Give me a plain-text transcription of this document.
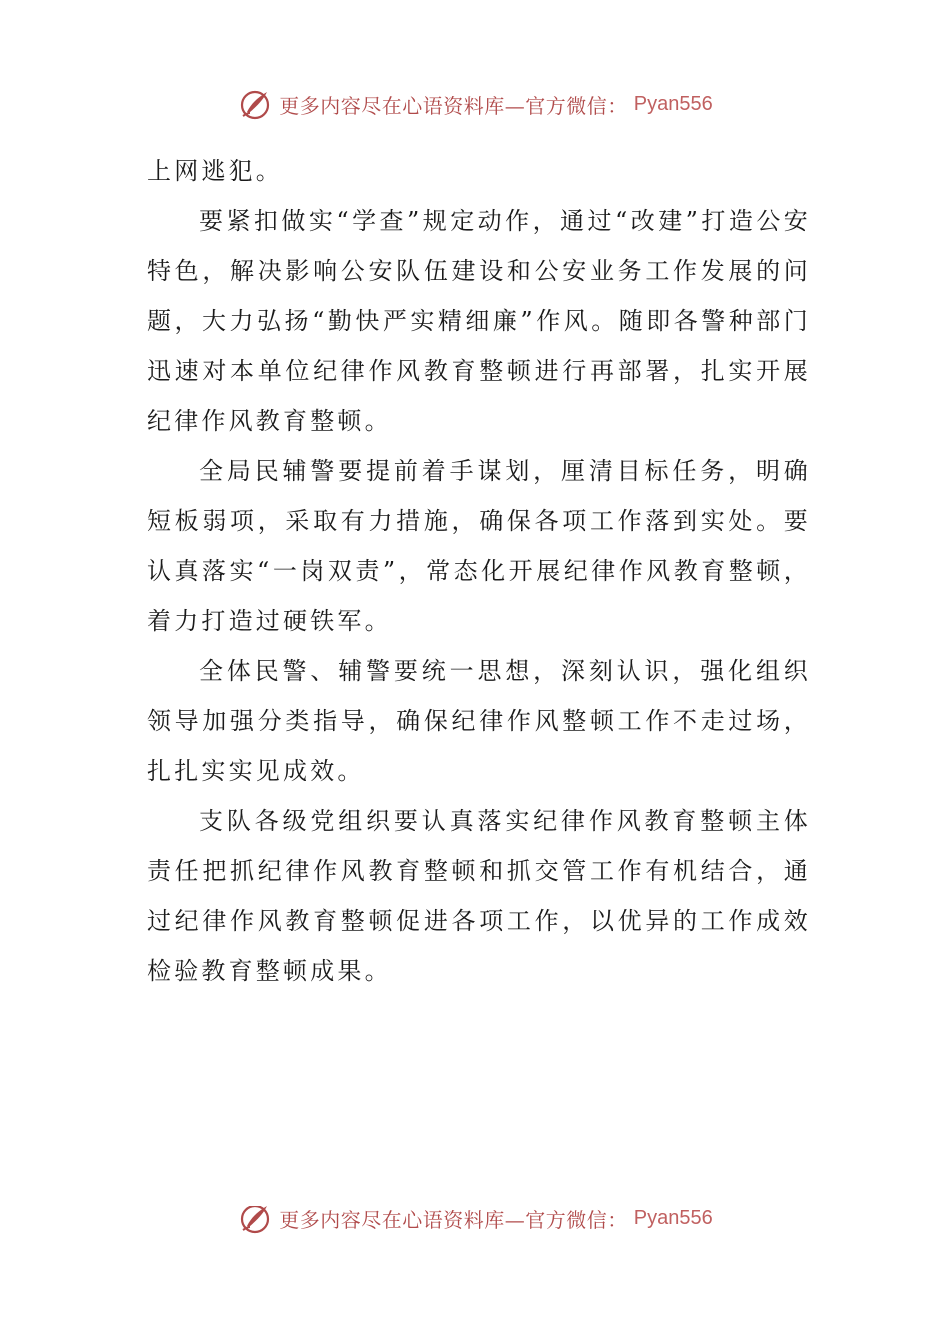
更多内容尽在心语资料库—官方微信： Pyan556

上网逃犯。

要紧扣做实“学查”规定动作，通过“改建”打造公安特色，解决影响公安队伍建设和公安业务工作发展的问题，大力弘扬“勤快严实精细廉”作风。随即各警种部门迅速对本单位纪律作风教育整顿进行再部署，扎实开展纪律作风教育整顿。

全局民辅警要提前着手谋划，厘清目标任务，明确短板弱项，采取有力措施，确保各项工作落到实处。要认真落实“一岗双责”，常态化开展纪律作风教育整顿，着力打造过硬铁军。

全体民警、辅警要统一思想，深刻认识，强化组织领导加强分类指导，确保纪律作风整顿工作不走过场，扎扎实实见成效。

支队各级党组织要认真落实纪律作风教育整顿主体责任把抓纪律作风教育整顿和抓交管工作有机结合，通过纪律作风教育整顿促进各项工作，以优异的工作成效检验教育整顿成果。

更多内容尽在心语资料库—官方微信： Pyan556
